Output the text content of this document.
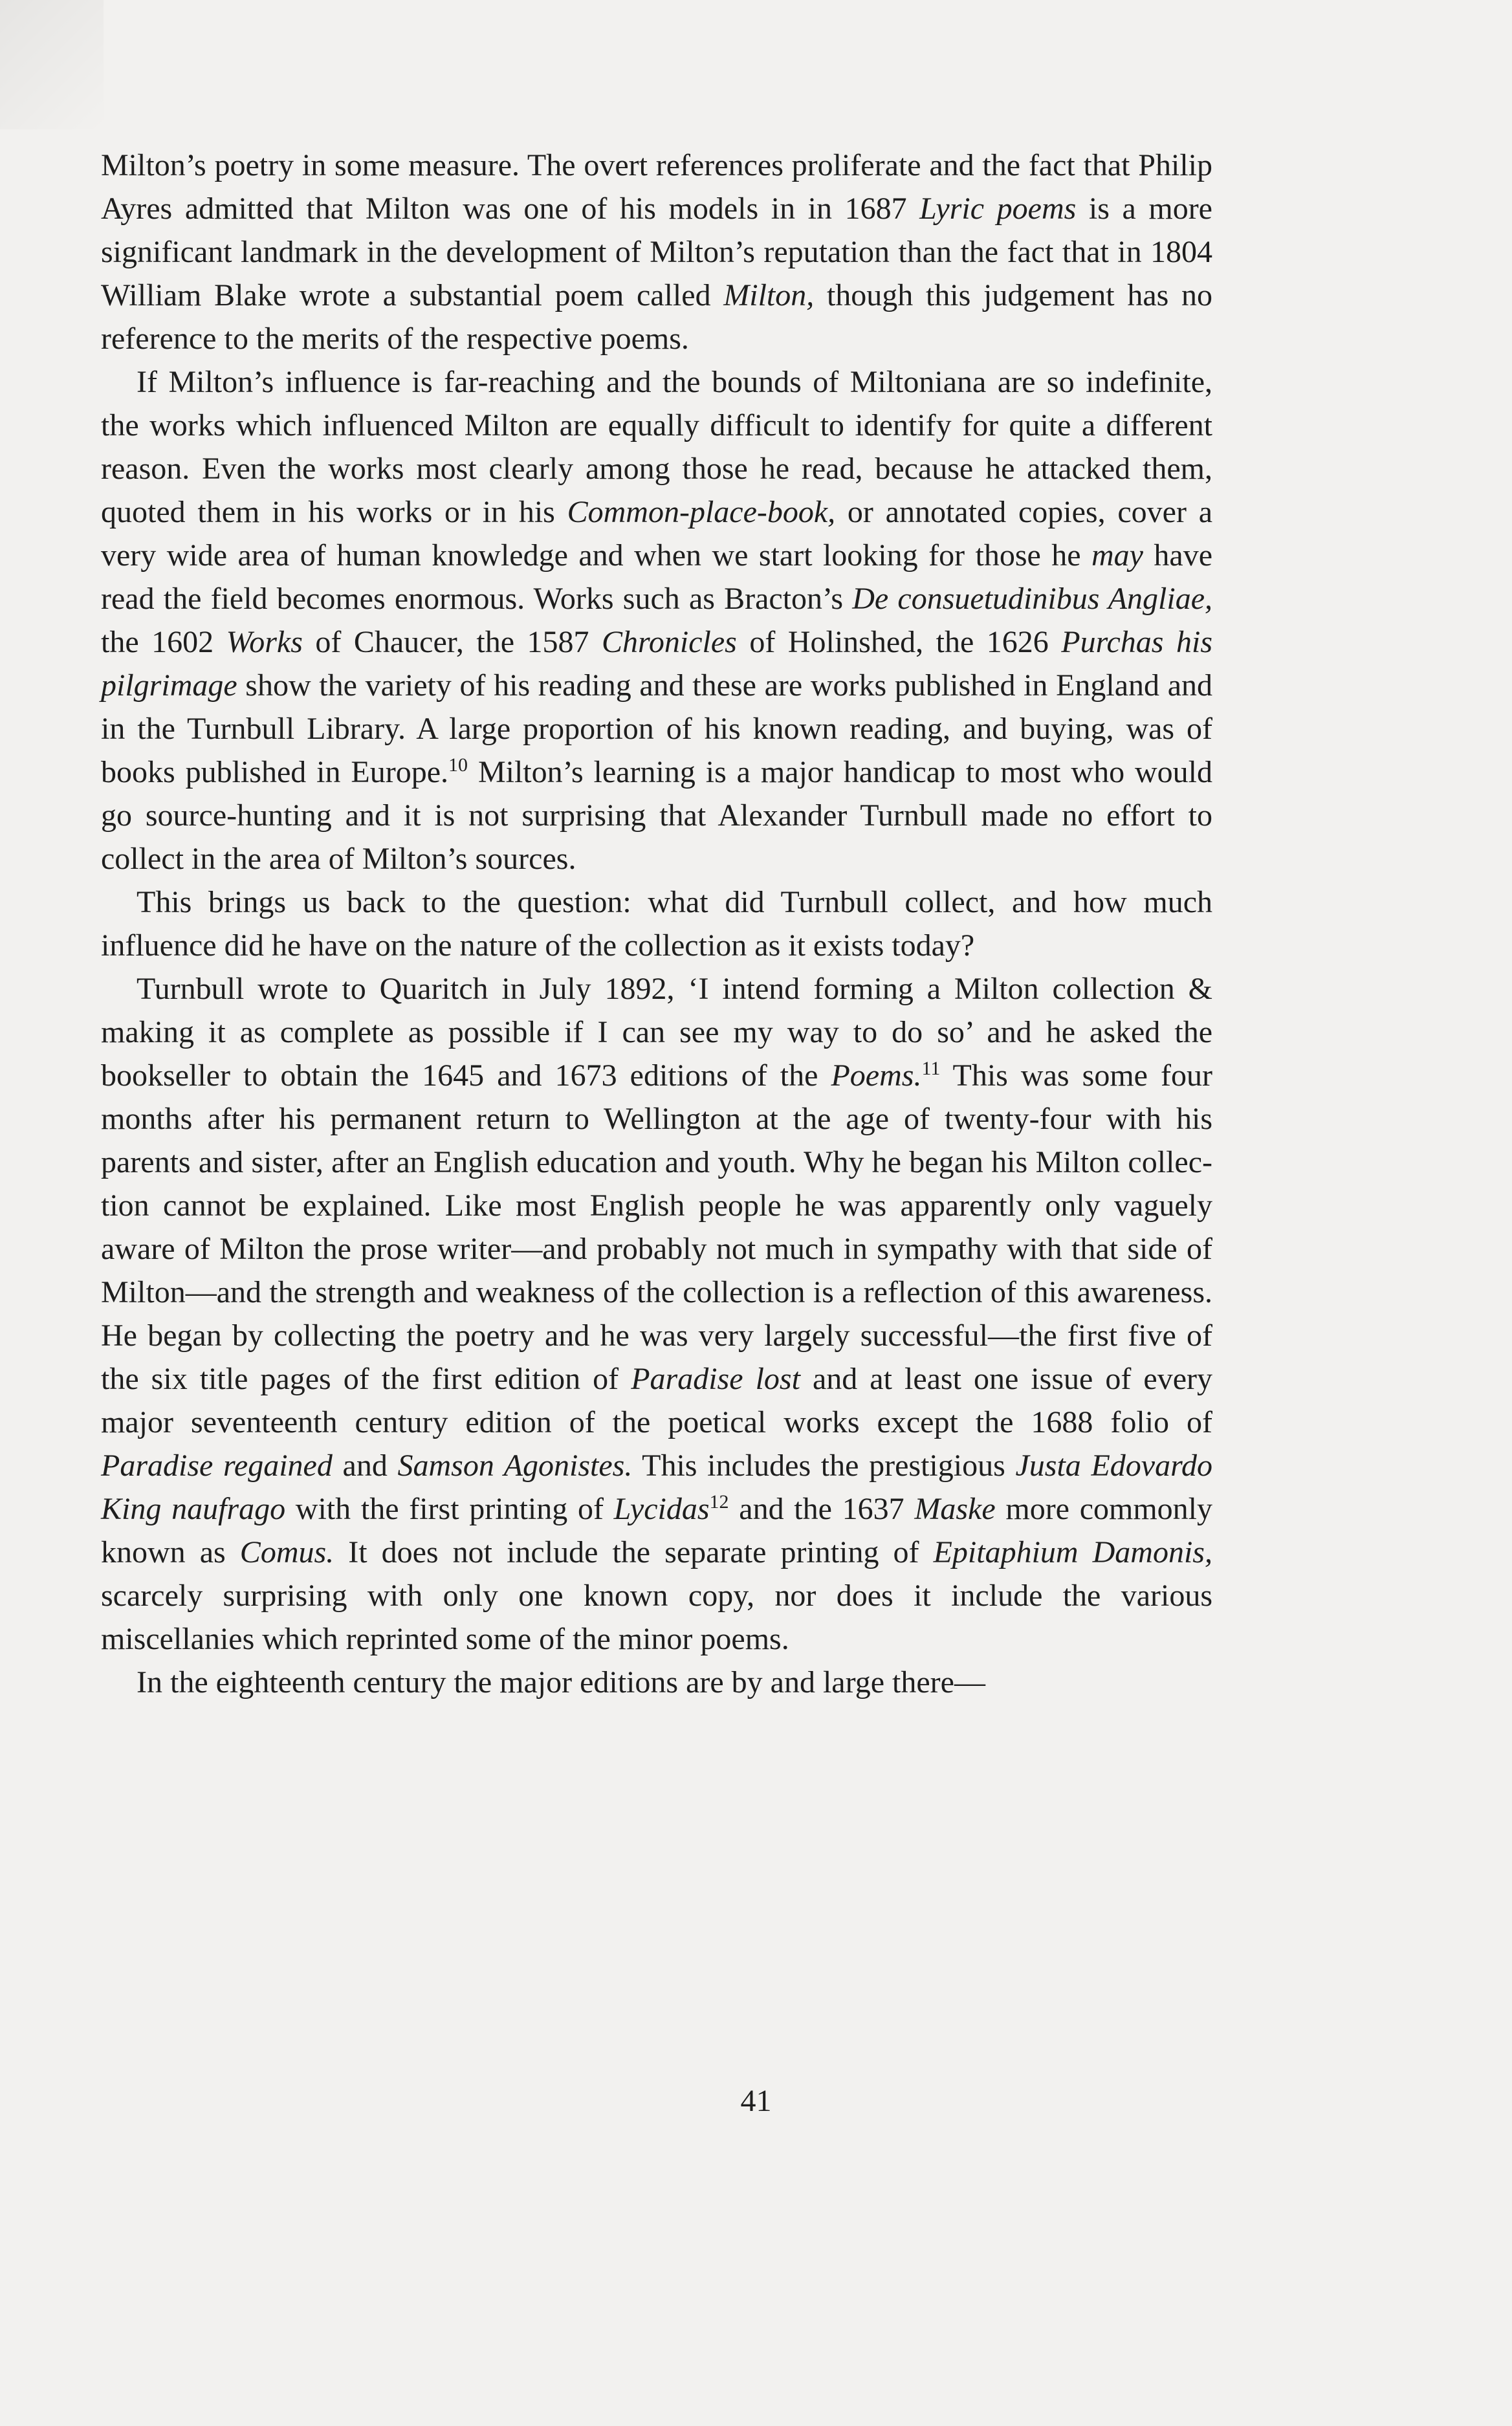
Milton’s poetry in some measure. The overt references proliferate and the fact that Philip Ayres admitted that Milton was one of his models in in 1687 Lyric poems is a more significant landmark in the development of Milton’s reputation than the fact that in 1804 William Blake wrote a substantial poem called Milton, though this judgement has no reference to the merits of the respective poems.

If Milton’s influence is far-reaching and the bounds of Miltoniana are so indefinite, the works which influenced Milton are equally difficult to identify for quite a different reason. Even the works most clearly among those he read, because he attacked them, quoted them in his works or in his Common-place-book, or annotated copies, cover a very wide area of human knowledge and when we start looking for those he may have read the field becomes enormous. Works such as Bracton’s De consuetudinibus Angliae, the 1602 Works of Chaucer, the 1587 Chronicles of Holinshed, the 1626 Purchas his pilgrimage show the variety of his reading and these are works published in England and in the Turnbull Library. A large proportion of his known reading, and buying, was of books published in Europe.$^{10}$ Milton’s learning is a major handicap to most who would go source-hunting and it is not surprising that Alexander Turnbull made no effort to collect in the area of Milton’s sources.

This brings us back to the question: what did Turnbull collect, and how much influence did he have on the nature of the collection as it exists today?

Turnbull wrote to Quaritch in July 1892, ‘I intend forming a Milton collection & making it as complete as possible if I can see my way to do so’ and he asked the bookseller to obtain the 1645 and 1673 editions of the Poems.$^{11}$ This was some four months after his permanent return to Wellington at the age of twenty-four with his parents and sister, after an English education and youth. Why he began his Milton collection cannot be explained. Like most English people he was apparently only vaguely aware of Milton the prose writer—and probably not much in sympathy with that side of Milton—and the strength and weakness of the collection is a reflection of this awareness. He began by collecting the poetry and he was very largely successful—the first five of the six title pages of the first edition of Paradise lost and at least one issue of every major seventeenth century edition of the poetical works except the 1688 folio of Paradise regained and Samson Agonistes. This includes the prestigious Justa Edovardo King naufrago with the first printing of Lycidas$^{12}$ and the 1637 Maske more commonly known as Comus. It does not include the separate printing of Epitaphium Damonis, scarcely surprising with only one known copy, nor does it include the various miscellanies which reprinted some of the minor poems.

In the eighteenth century the major editions are by and large there—

41
